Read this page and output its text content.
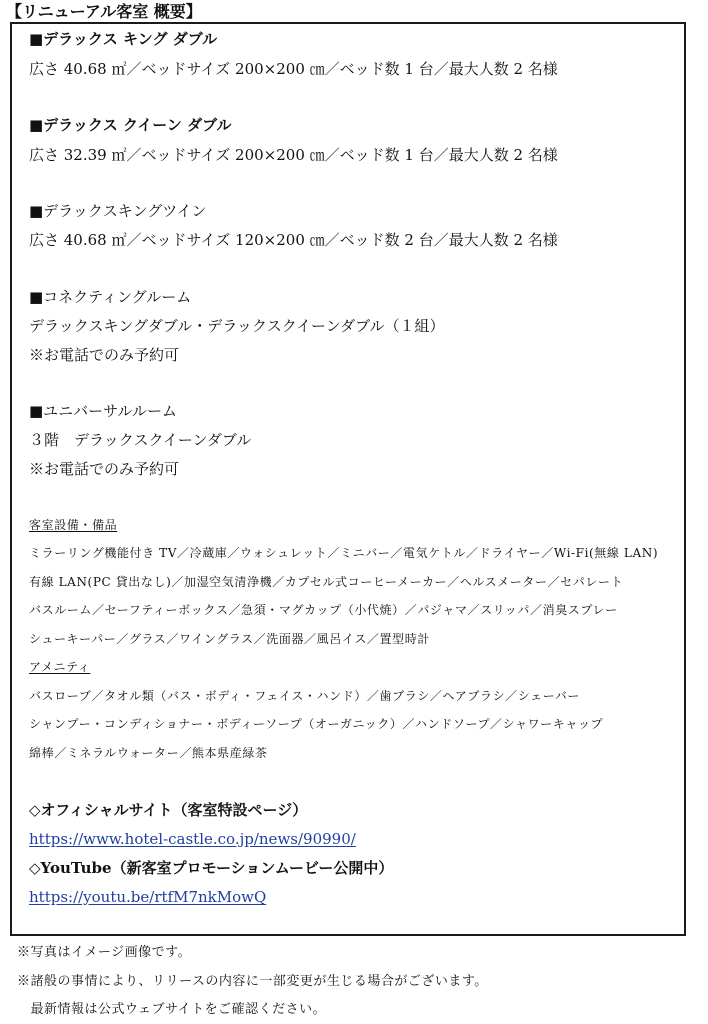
【リニューアル客室 概要】
■デラックス キング ダブル
広さ 40.68 ㎡／ベッドサイズ 200×200 ㎝／ベッド数 1 台／最大人数 2 名様
■デラックス クイーン ダブル
広さ 32.39 ㎡／ベッドサイズ 200×200 ㎝／ベッド数 1 台／最大人数 2 名様
■デラックスキングツイン
広さ 40.68 ㎡／ベッドサイズ 120×200 ㎝／ベッド数 2 台／最大人数 2 名様
■コネクティングルーム
デラックスキングダブル・デラックスクイーンダブル（１組）
※お電話でのみ予約可
■ユニバーサルルーム
３階　デラックスクイーンダブル
※お電話でのみ予約可
客室設備・備品
ミラーリング機能付き TV／冷蔵庫／ウォシュレット／ミニバー／電気ケトル／ドライヤー／Wi-Fi(無線 LAN)
有線 LAN(PC 貸出なし)／加湿空気清浄機／カプセル式コーヒーメーカー／ヘルスメーター／セパレート
バスルーム／セーフティーボックス／急須・マグカップ（小代焼）／パジャマ／スリッパ／消臭スプレー
シューキーパー／グラス／ワイングラス／洗面器／風呂イス／置型時計
アメニティ
バスローブ／タオル類（バス・ボディ・フェイス・ハンド）／歯ブラシ／ヘアブラシ／シェーバー
シャンプー・コンディショナー・ボディーソープ（オーガニック）／ハンドソープ／シャワーキャップ
綿棒／ミネラルウォーター／熊本県産緑茶
◇オフィシャルサイト（客室特設ページ）
https://www.hotel-castle.co.jp/news/90990/
◇YouTube（新客室プロモーションムービー公開中）
https://youtu.be/rtfM7nkMowQ
※写真はイメージ画像です。
※諸般の事情により、リリースの内容に一部変更が生じる場合がございます。
　最新情報は公式ウェブサイトをご確認ください。
